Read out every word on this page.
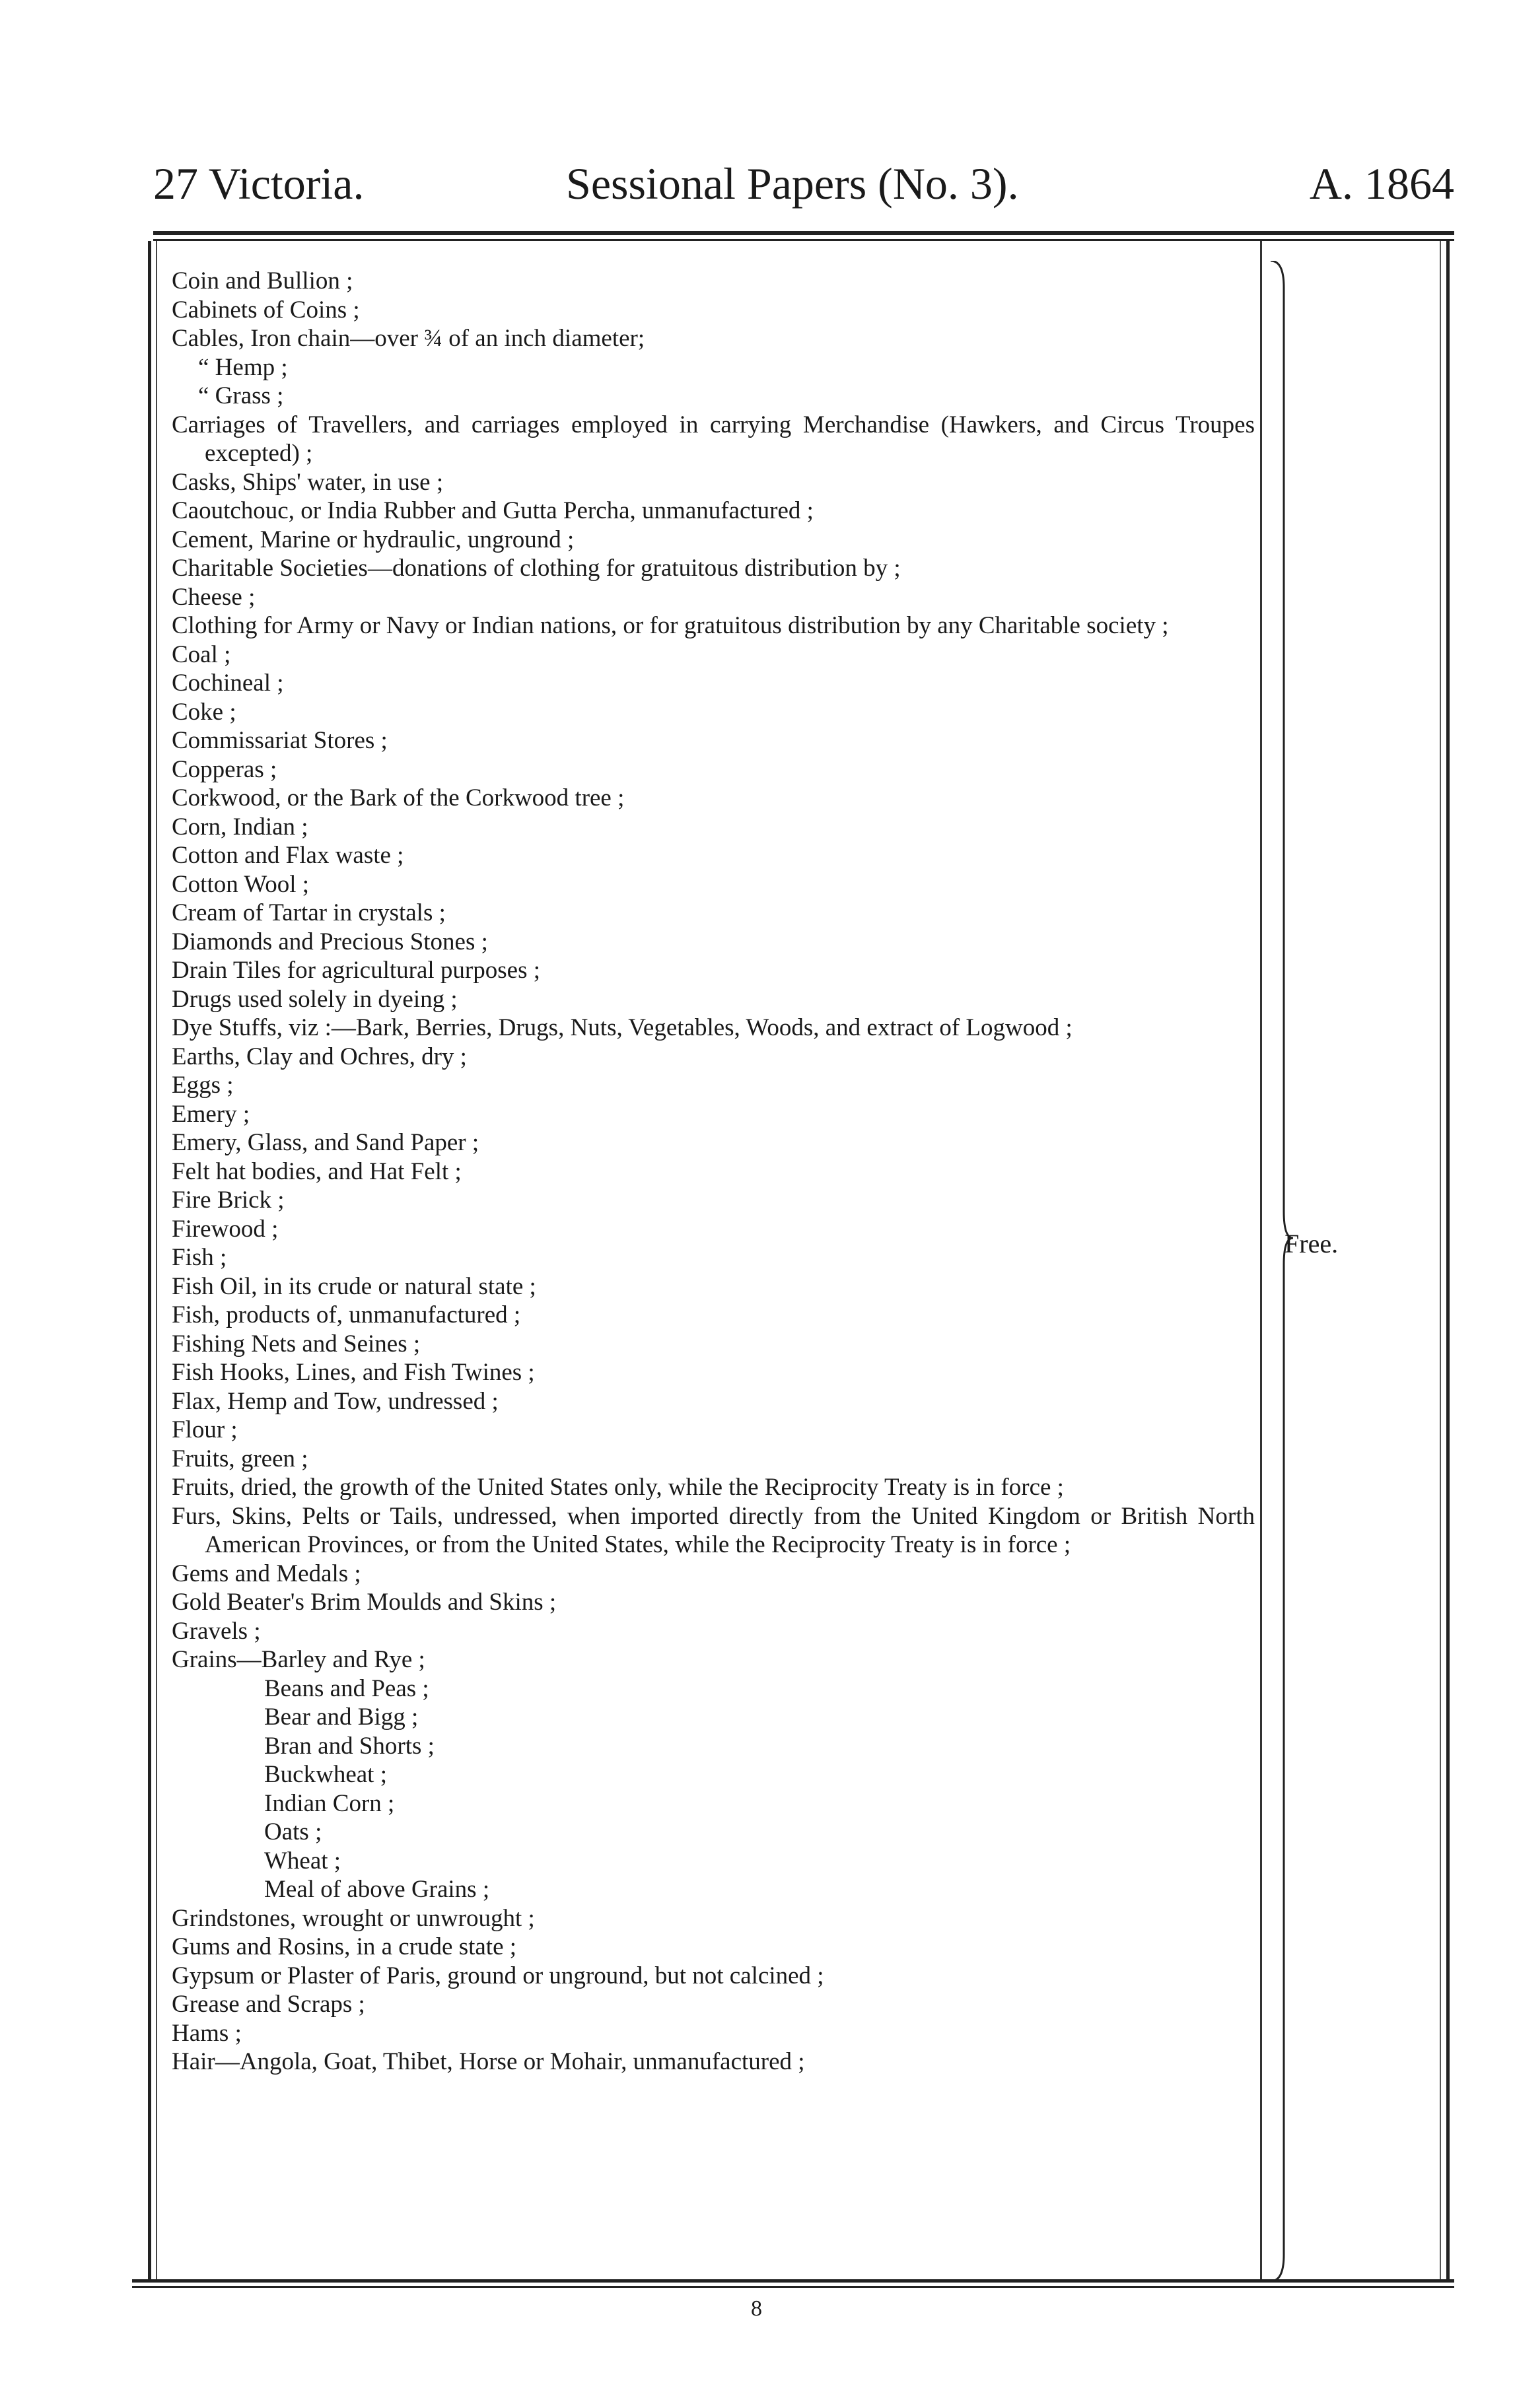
27 Victoria.	Sessional Papers (No. 3).	A. 1864
Coin and Bullion ;
Cabinets of Coins ;
Cables, Iron chain—over ¾ of an inch diameter;
“ Hemp ;
“ Grass ;
Carriages of Travellers, and carriages employed in carrying Merchandise (Hawkers, and Circus Troupes excepted) ;
Casks, Ships' water, in use ;
Caoutchouc, or India Rubber and Gutta Percha, unmanufactured ;
Cement, Marine or hydraulic, unground ;
Charitable Societies—donations of clothing for gratuitous distribution by ;
Cheese ;
Clothing for Army or Navy or Indian nations, or for gratuitous distribution by any Charitable society ;
Coal ;
Cochineal ;
Coke ;
Commissariat Stores ;
Copperas ;
Corkwood, or the Bark of the Corkwood tree ;
Corn, Indian ;
Cotton and Flax waste ;
Cotton Wool ;
Cream of Tartar in crystals ;
Diamonds and Precious Stones ;
Drain Tiles for agricultural purposes ;
Drugs used solely in dyeing ;
Dye Stuffs, viz :—Bark, Berries, Drugs, Nuts, Vegetables, Woods, and extract of Logwood ;
Earths, Clay and Ochres, dry ;
Eggs ;
Emery ;
Emery, Glass, and Sand Paper ;
Felt hat bodies, and Hat Felt ;
Fire Brick ;
Firewood ;
Fish ;
Fish Oil, in its crude or natural state ;
Fish, products of, unmanufactured ;
Fishing Nets and Seines ;
Fish Hooks, Lines, and Fish Twines ;
Flax, Hemp and Tow, undressed ;
Flour ;
Fruits, green ;
Fruits, dried, the growth of the United States only, while the Reciprocity Treaty is in force ;
Furs, Skins, Pelts or Tails, undressed, when imported directly from the United Kingdom or British North American Provinces, or from the United States, while the Reciprocity Treaty is in force ;
Gems and Medals ;
Gold Beater's Brim Moulds and Skins ;
Gravels ;
Grains—Barley and Rye ;
Beans and Peas ;
Bear and Bigg ;
Bran and Shorts ;
Buckwheat ;
Indian Corn ;
Oats ;
Wheat ;
Meal of above Grains ;
Grindstones, wrought or unwrought ;
Gums and Rosins, in a crude state ;
Gypsum or Plaster of Paris, ground or unground, but not calcined ;
Grease and Scraps ;
Hams ;
Hair—Angola, Goat, Thibet, Horse or Mohair, unmanufactured ;
Free.
8
